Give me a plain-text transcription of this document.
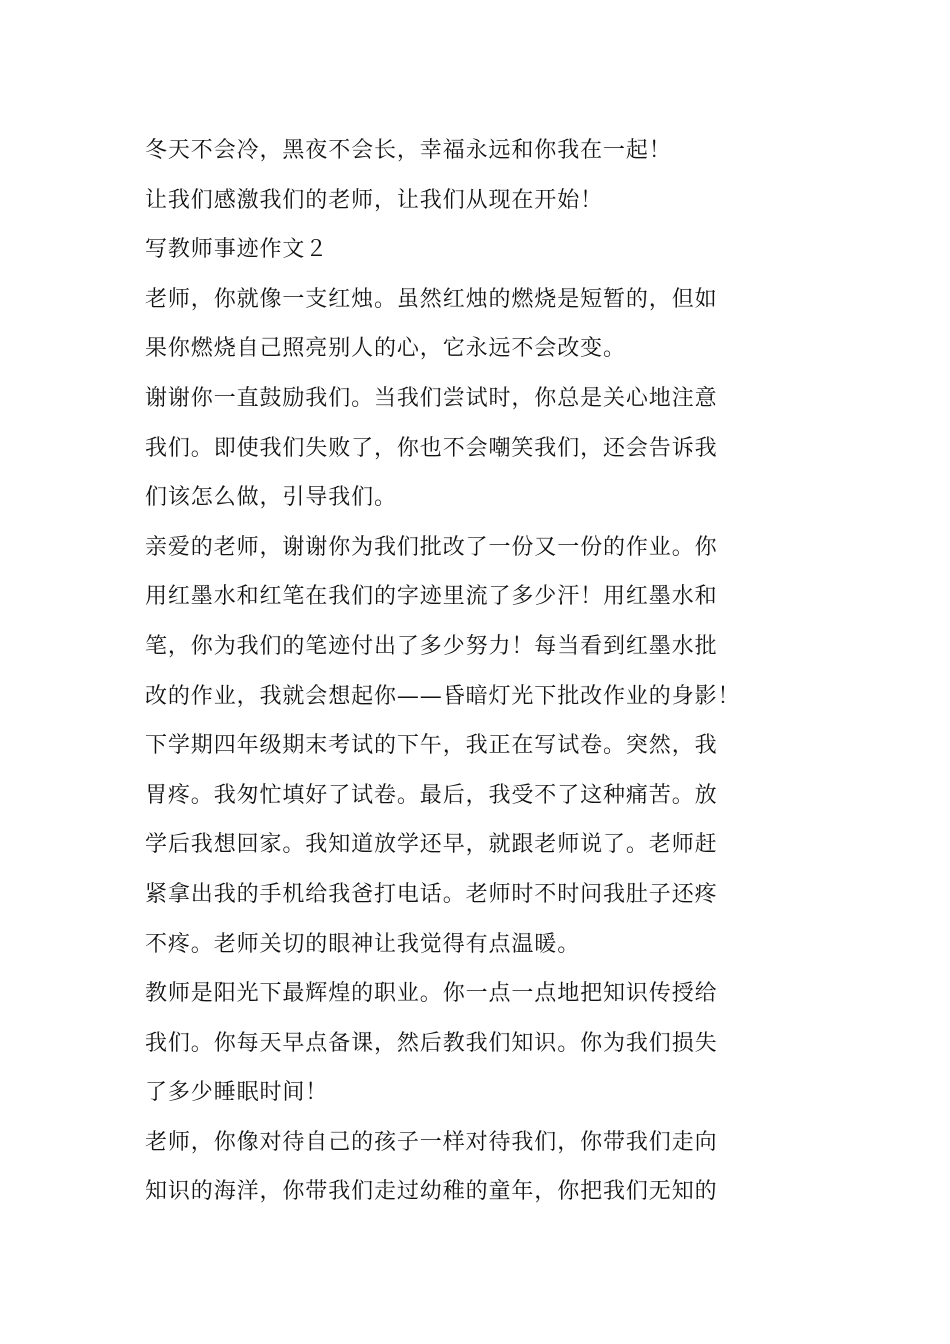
冬天不会冷，黑夜不会长，幸福永远和你我在一起！
让我们感激我们的老师，让我们从现在开始！
写教师事迹作文２
老师，你就像一支红烛。虽然红烛的燃烧是短暂的，但如
果你燃烧自己照亮别人的心，它永远不会改变。
谢谢你一直鼓励我们。当我们尝试时，你总是关心地注意
我们。即使我们失败了，你也不会嘲笑我们，还会告诉我
们该怎么做，引导我们。
亲爱的老师，谢谢你为我们批改了一份又一份的作业。你
用红墨水和红笔在我们的字迹里流了多少汗！用红墨水和
笔，你为我们的笔迹付出了多少努力！每当看到红墨水批
改的作业，我就会想起你——昏暗灯光下批改作业的身影！
下学期四年级期末考试的下午，我正在写试卷。突然，我
胃疼。我匆忙填好了试卷。最后，我受不了这种痛苦。放
学后我想回家。我知道放学还早，就跟老师说了。老师赶
紧拿出我的手机给我爸打电话。老师时不时问我肚子还疼
不疼。老师关切的眼神让我觉得有点温暖。
教师是阳光下最辉煌的职业。你一点一点地把知识传授给
我们。你每天早点备课，然后教我们知识。你为我们损失
了多少睡眠时间！
老师，你像对待自己的孩子一样对待我们，你带我们走向
知识的海洋，你带我们走过幼稚的童年，你把我们无知的
